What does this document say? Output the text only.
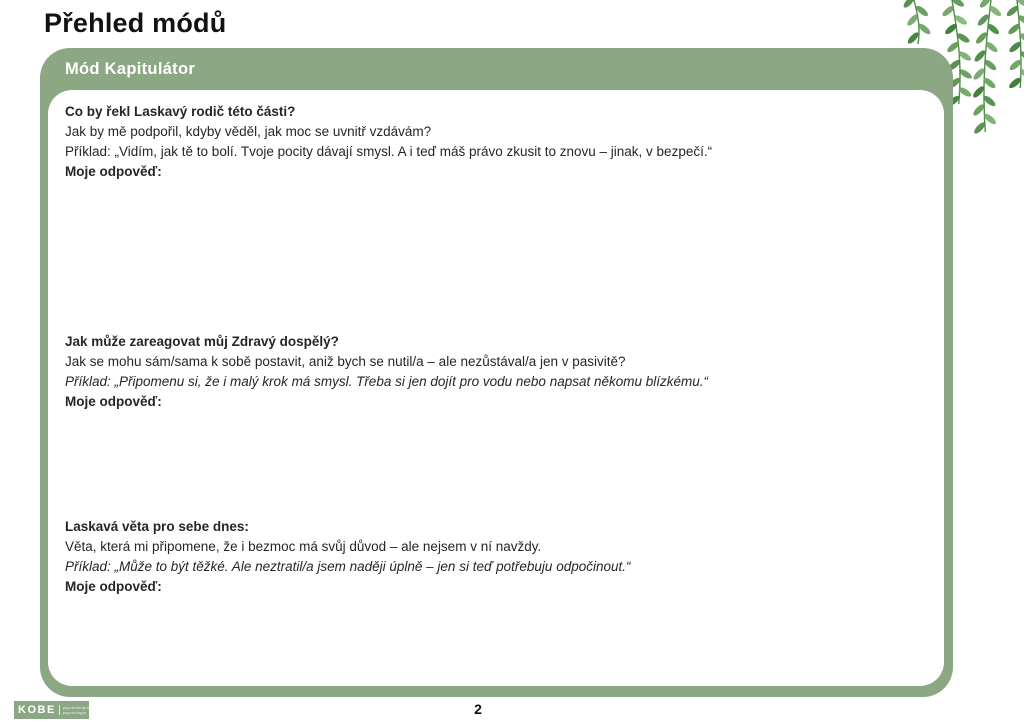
Přehled módů
Mód Kapitulátor
Co by řekl Laskavý rodič této části?
Jak by mě podpořil, kdyby věděl, jak moc se uvnitř vzdávám?
Příklad: „Vidím, jak tě to bolí. Tvoje pocity dávají smysl. A i teď máš právo zkusit to znovu – jinak, v bezpečí.“
Moje odpověď:
Jak může zareagovat můj Zdravý dospělý?
Jak se mohu sám/sama k sobě postavit, aniž bych se nutil/a – ale nezůstával/a jen v pasivitě?
Příklad: „Připomenu si, že i malý krok má smysl. Třeba si jen dojít pro vodu nebo napsat někomu blízkému.“
Moje odpověď:
Laskavá věta pro sebe dnes:
Věta, která mi připomene, že i bezmoc má svůj důvod – ale nejsem v ní navždy.
Příklad: „Může to být těžké. Ale neztratil/a jsem naději úplně – jen si teď potřebuju odpočinout.“
Moje odpověď:
KOBE psychoterapie
psychologie	2
